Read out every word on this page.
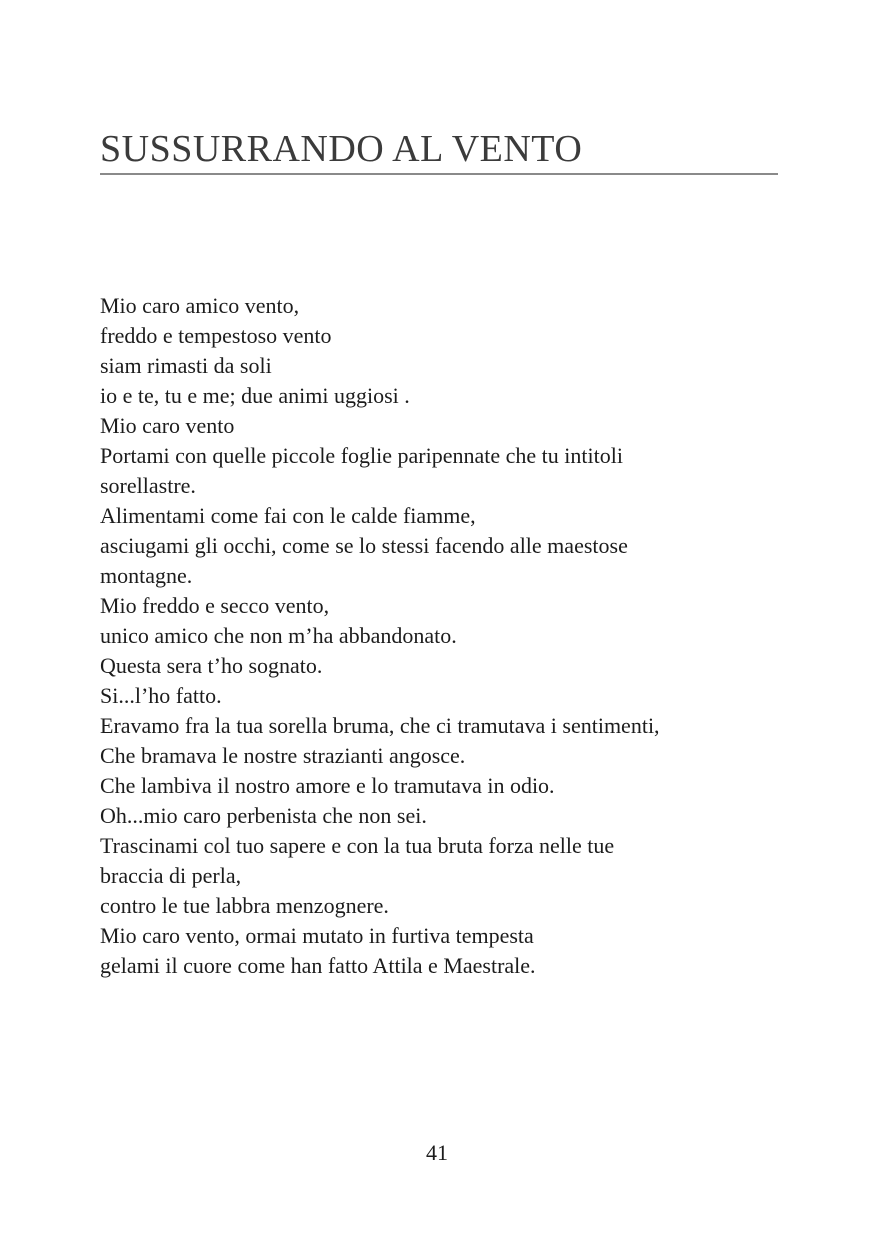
SUSSURRANDO AL VENTO
Mio caro amico vento,
freddo e tempestoso vento
siam rimasti da soli
io e te, tu e me; due animi uggiosi .
Mio caro vento
Portami con quelle piccole foglie paripennate che tu intitoli
sorellastre.
Alimentami come fai con le calde fiamme,
asciugami gli occhi, come se lo stessi facendo alle maestose
montagne.
Mio freddo e secco vento,
unico amico che non m’ha abbandonato.
Questa sera t’ho sognato.
Si...l’ho fatto.
Eravamo fra la tua sorella bruma, che ci tramutava i sentimenti,
Che bramava le nostre strazianti angosce.
Che lambiva il nostro amore e lo tramutava in odio.
Oh...mio caro perbenista che non sei.
Trascinami col tuo sapere e con la tua bruta forza nelle tue
braccia di perla,
contro le tue labbra menzognere.
Mio caro vento, ormai mutato in furtiva tempesta
gelami il cuore come han fatto Attila e Maestrale.
41
